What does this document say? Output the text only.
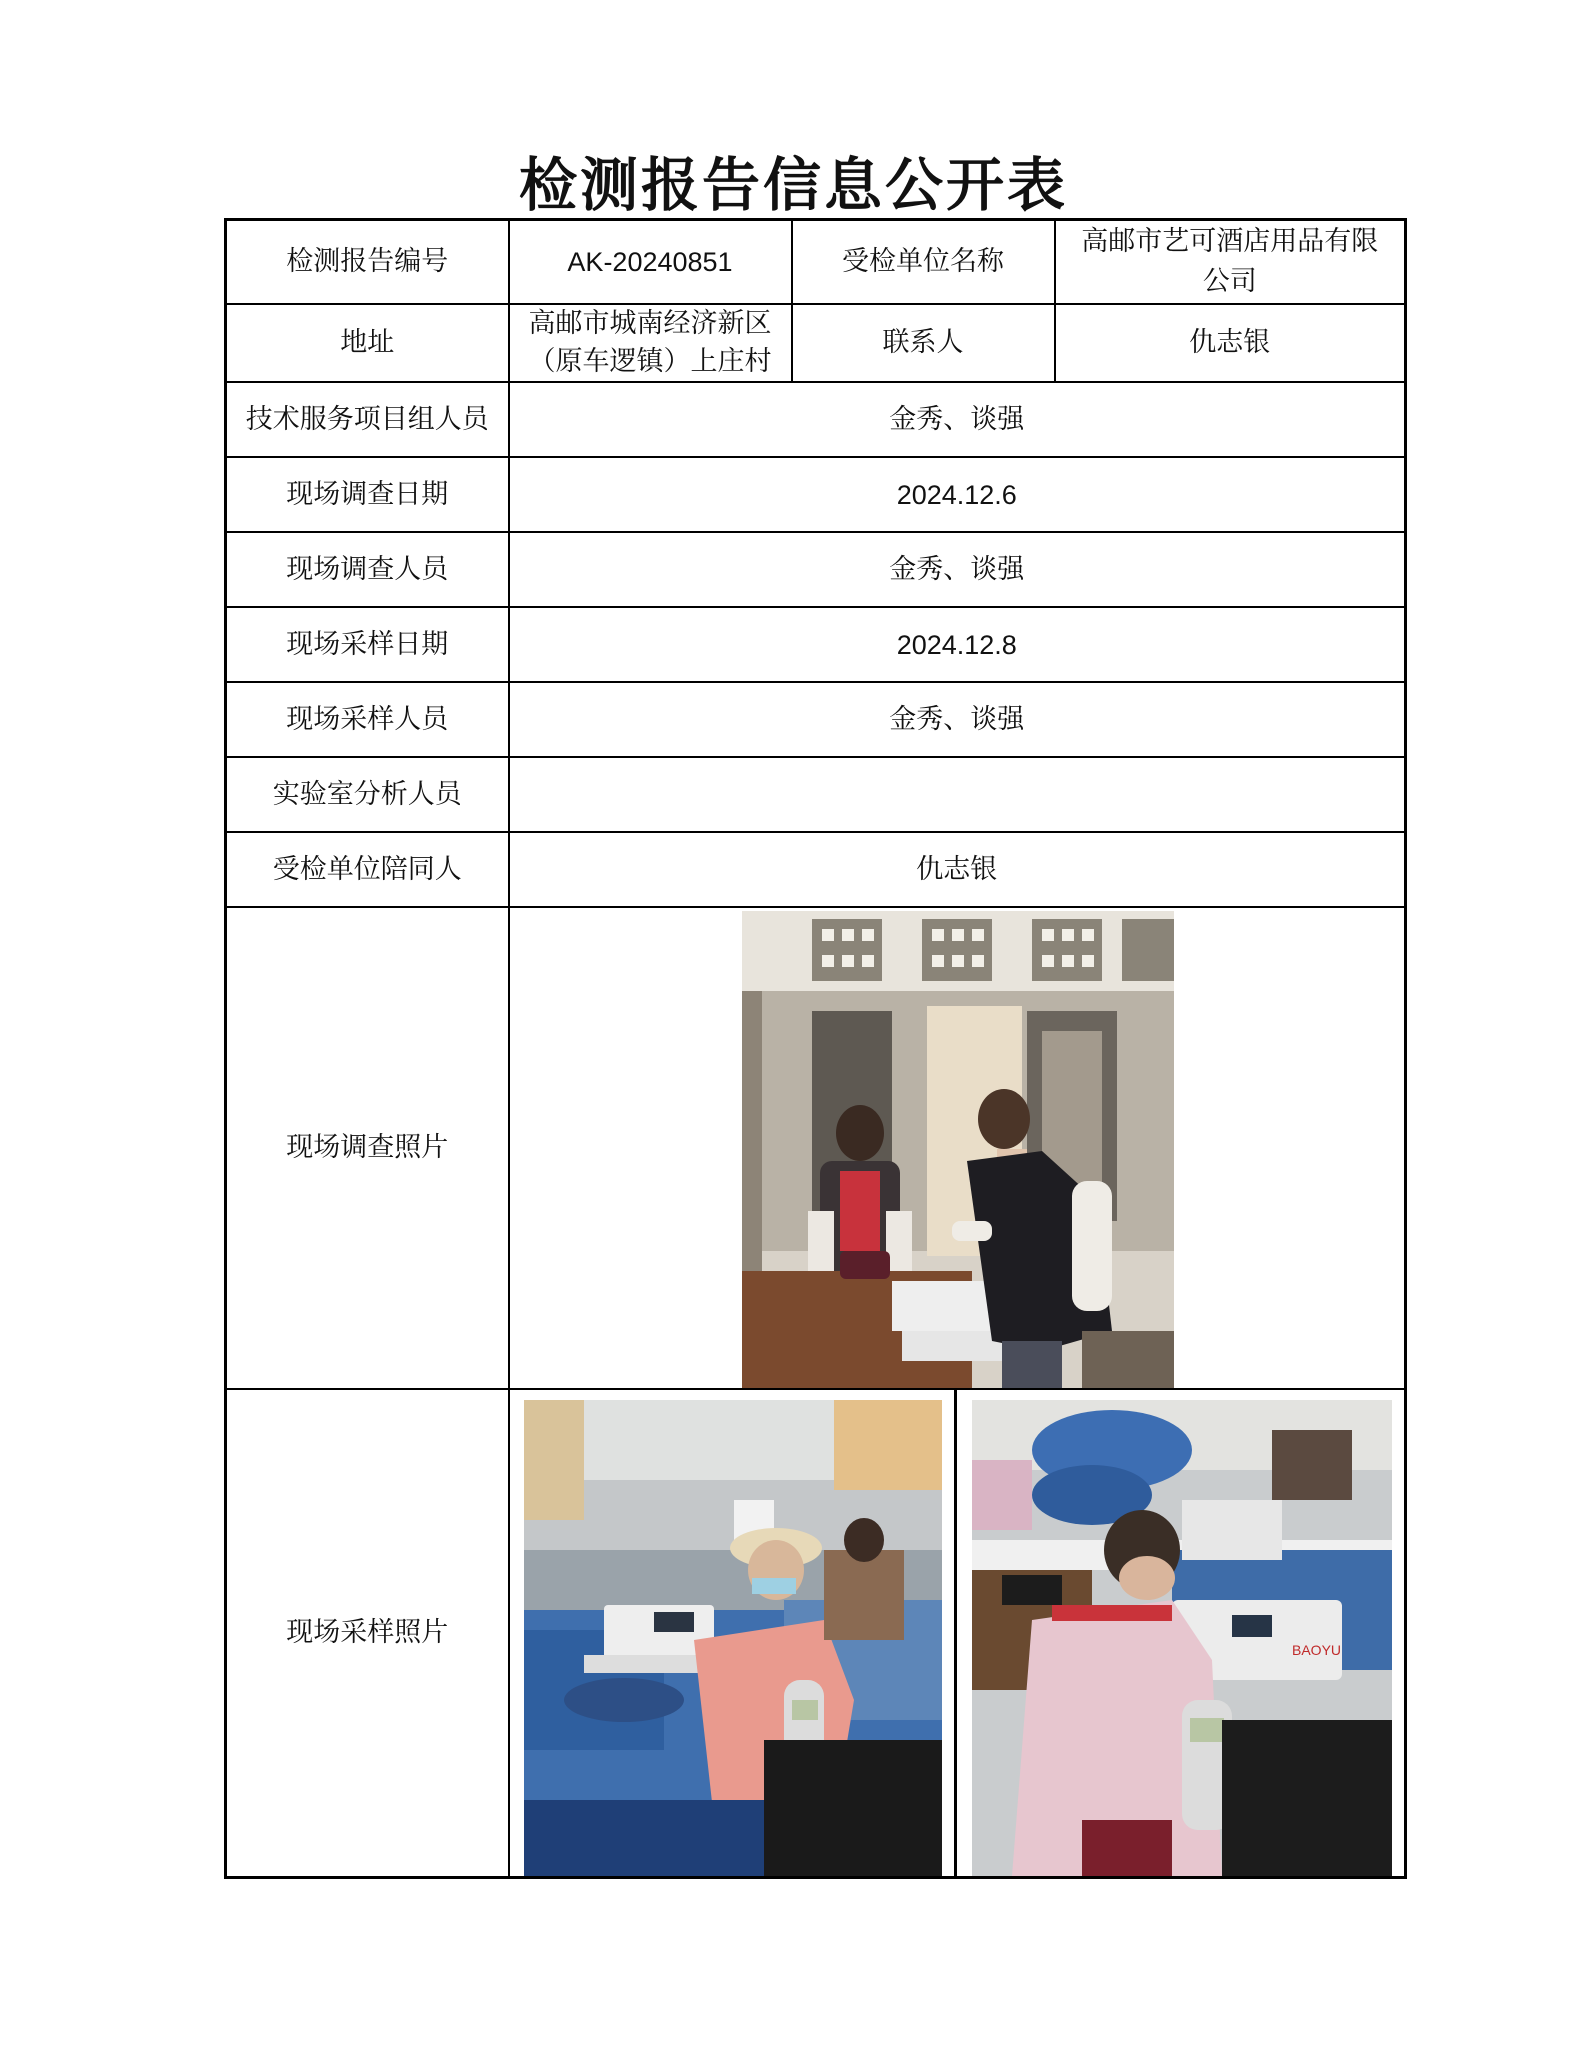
检测报告信息公开表
检测报告编号	AK-20240851	受检单位名称	高邮市艺可酒店用品有限
公司

地址	高邮市城南经济新区
（原车逻镇）上庄村	联系人	仇志银
技术服务项目组人员	金秀、谈强		
现场调查日期	2024.12.6		
现场调查人员	金秀、谈强		
现场采样日期	2024.12.8		
现场采样人员	金秀、谈强		
实验室分析人员			
受检单位陪同人	仇志银		
现场调查照片	

现场采样照片	BAOYU		
